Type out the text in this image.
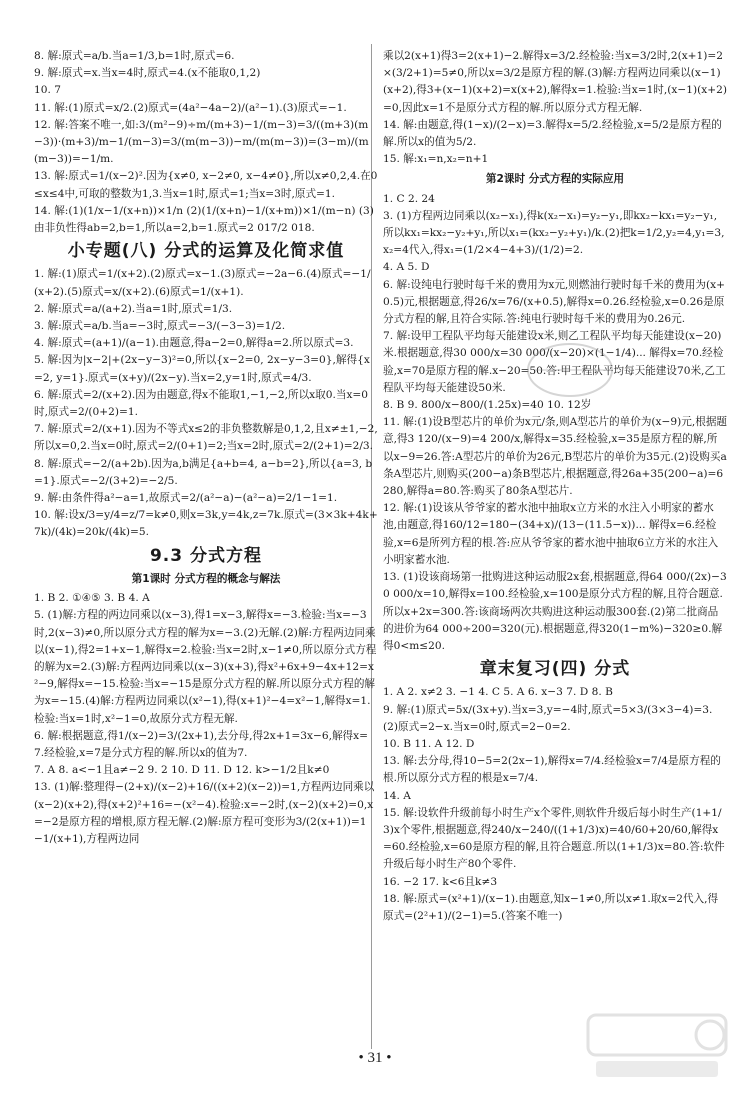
8. 解:原式=a/b.当a=1/3,b=1时,原式=6.

9. 解:原式=x.当x=4时,原式=4.(x不能取0,1,2)

10. 7

11. 解:(1)原式=x/2.(2)原式=(4a²−4a−2)/(a²−1).(3)原式=−1.

12. 解:答案不唯一,如:3/(m²−9)÷m/(m+3)−1/(m−3)=3/((m+3)(m−3))·(m+3)/m−1/(m−3)=3/(m(m−3))−m/(m(m−3))=(3−m)/(m(m−3))=−1/m.

13. 解:原式=1/(x−2)².因为{x≠0, x−2≠0, x−4≠0},所以x≠0,2,4.在0≤x≤4中,可取的整数为1,3.当x=1时,原式=1;当x=3时,原式=1.

14. 解:(1)(1/x−1/(x+n))×1/n (2)(1/(x+n)−1/(x+m))×1/(m−n) (3)由非负性得ab=2,b=1,所以a=2,b=1.原式=2 017/2 018.

小专题(八) 分式的运算及化简求值

1. 解:(1)原式=1/(x+2).(2)原式=x−1.(3)原式=−2a−6.(4)原式=−1/(x+2).(5)原式=x/(x+2).(6)原式=1/(x+1).

2. 解:原式=a/(a+2).当a=1时,原式=1/3.

3. 解:原式=a/b.当a=−3时,原式=−3/(−3−3)=1/2.

4. 解:原式=(a+1)/(a−1).由题意,得a−2=0,解得a=2.所以原式=3.

5. 解:因为|x−2|+(2x−y−3)²=0,所以{x−2=0, 2x−y−3=0},解得{x=2, y=1}.原式=(x+y)/(2x−y).当x=2,y=1时,原式=4/3.

6. 解:原式=2/(x+2).因为由题意,得x不能取1,−1,−2,所以x取0.当x=0时,原式=2/(0+2)=1.

7. 解:原式=2/(x+1).因为不等式x≤2的非负整数解是0,1,2,且x≠±1,−2,所以x=0,2.当x=0时,原式=2/(0+1)=2;当x=2时,原式=2/(2+1)=2/3.

8. 解:原式=−2/(a+2b).因为a,b满足{a+b=4, a−b=2},所以{a=3, b=1}.原式=−2/(3+2)=−2/5.

9. 解:由条件得a²−a=1,故原式=2/(a²−a)−(a²−a)=2/1−1=1.

10. 解:设x/3=y/4=z/7=k≠0,则x=3k,y=4k,z=7k.原式=(3×3k+4k+7k)/(4k)=20k/(4k)=5.

9.3 分式方程
第1课时 分式方程的概念与解法

1. B 2. ①④⑤ 3. B 4. A

5. (1)解:方程的两边同乘以(x−3),得1=x−3,解得x=−3.检验:当x=−3时,2(x−3)≠0,所以原分式方程的解为x=−3.(2)无解.(2)解:方程两边同乘以(x−1),得2=1+x−1,解得x=2.检验:当x=2时,x−1≠0,所以原分式方程的解为x=2.(3)解:方程两边同乘以(x−3)(x+3),得x²+6x+9−4x+12=x²−9,解得x=−15.检验:当x=−15是原分式方程的解.所以原分式方程的解为x=−15.(4)解:方程两边同乘以(x²−1),得(x+1)²−4=x²−1,解得x=1.检验:当x=1时,x²−1=0,故原分式方程无解.

6. 解:根据题意,得1/(x−2)=3/(2x+1),去分母,得2x+1=3x−6,解得x=7.经检验,x=7是分式方程的解.所以x的值为7.

7. A 8. a<−1且a≠−2 9. 2 10. D 11. D 12. k>−1/2且k≠0

13. (1)解:整理得−(2+x)/(x−2)+16/((x+2)(x−2))=1,方程两边同乘以(x−2)(x+2),得(x+2)²+16=−(x²−4).检验:x=−2时,(x−2)(x+2)=0,x=−2是原方程的增根,原方程无解.(2)解:原方程可变形为3/(2(x+1))=1−1/(x+1),方程两边同

乘以2(x+1)得3=2(x+1)−2.解得x=3/2.经检验:当x=3/2时,2(x+1)=2×(3/2+1)=5≠0,所以x=3/2是原方程的解.(3)解:方程两边同乘以(x−1)(x+2),得3+(x−1)(x+2)=x(x+2),解得x=1.检验:当x=1时,(x−1)(x+2)=0,因此x=1不是原分式方程的解.所以原分式方程无解.

14. 解:由题意,得(1−x)/(2−x)=3.解得x=5/2.经检验,x=5/2是原方程的解.所以x的值为5/2.

15. 解:x₁=n,x₂=n+1

第2课时 分式方程的实际应用

1. C 2. 24

3. (1)方程两边同乘以(x₂−x₁),得k(x₂−x₁)=y₂−y₁,即kx₂−kx₁=y₂−y₁,所以kx₁=kx₂−y₂+y₁,所以x₁=(kx₂−y₂+y₁)/k.(2)把k=1/2,y₂=4,y₁=3,x₂=4代入,得x₁=(1/2×4−4+3)/(1/2)=2.

4. A 5. D

6. 解:设纯电行驶时每千米的费用为x元,则燃油行驶时每千米的费用为(x+0.5)元,根据题意,得26/x=76/(x+0.5),解得x=0.26.经检验,x=0.26是原分式方程的解,且符合实际.答:纯电行驶时每千米的费用为0.26元.

7. 解:设甲工程队平均每天能建设x米,则乙工程队平均每天能建设(x−20)米.根据题意,得30 000/x=30 000/(x−20)×(1−1/4)... 解得x=70.经检验,x=70是原方程的解.x−20=50.答:甲工程队平均每天能建设70米,乙工程队平均每天能建设50米.

8. B 9. 800/x−800/(1.25x)=40 10. 12岁

11. 解:(1)设B型芯片的单价为x元/条,则A型芯片的单价为(x−9)元,根据题意,得3 120/(x−9)=4 200/x,解得x=35.经检验,x=35是原方程的解,所以x−9=26.答:A型芯片的单价为26元,B型芯片的单价为35元.(2)设购买a条A型芯片,则购买(200−a)条B型芯片,根据题意,得26a+35(200−a)=6 280,解得a=80.答:购买了80条A型芯片.

12. 解:(1)设该从爷爷家的蓄水池中抽取x立方米的水注入小明家的蓄水池,由题意,得160/12=180−(34+x)/(13−(11.5−x))... 解得x=6.经检验,x=6是所列方程的根.答:应从爷爷家的蓄水池中抽取6立方米的水注入小明家蓄水池.

13. (1)设该商场第一批购进这种运动服2x套,根据题意,得64 000/(2x)−30 000/x=10,解得x=100.经检验,x=100是原分式方程的解,且符合题意.所以x+2x=300.答:该商场两次共购进这种运动服300套.(2)第二批商品的进价为64 000÷200=320(元).根据题意,得320(1−m%)−320≥0.解得0<m≤20.

章末复习(四) 分式

1. A 2. x≠2 3. −1 4. C 5. A 6. x−3 7. D 8. B

9. 解:(1)原式=5x/(3x+y).当x=3,y=−4时,原式=5×3/(3×3−4)=3.(2)原式=2−x.当x=0时,原式=2−0=2.

10. B 11. A 12. D

13. 解:去分母,得10−5=2(2x−1),解得x=7/4.经检验x=7/4是原方程的根.所以原分式方程的根是x=7/4.

14. A

15. 解:设软件升级前每小时生产x个零件,则软件升级后每小时生产(1+1/3)x个零件,根据题意,得240/x−240/((1+1/3)x)=40/60+20/60,解得x=60.经检验,x=60是原方程的解,且符合题意.所以(1+1/3)x=80.答:软件升级后每小时生产80个零件.

16. −2 17. k<6且k≠3

18. 解:原式=(x²+1)/(x−1).由题意,知x−1≠0,所以x≠1.取x=2代入,得原式=(2²+1)/(2−1)=5.(答案不唯一)

• 31 •
